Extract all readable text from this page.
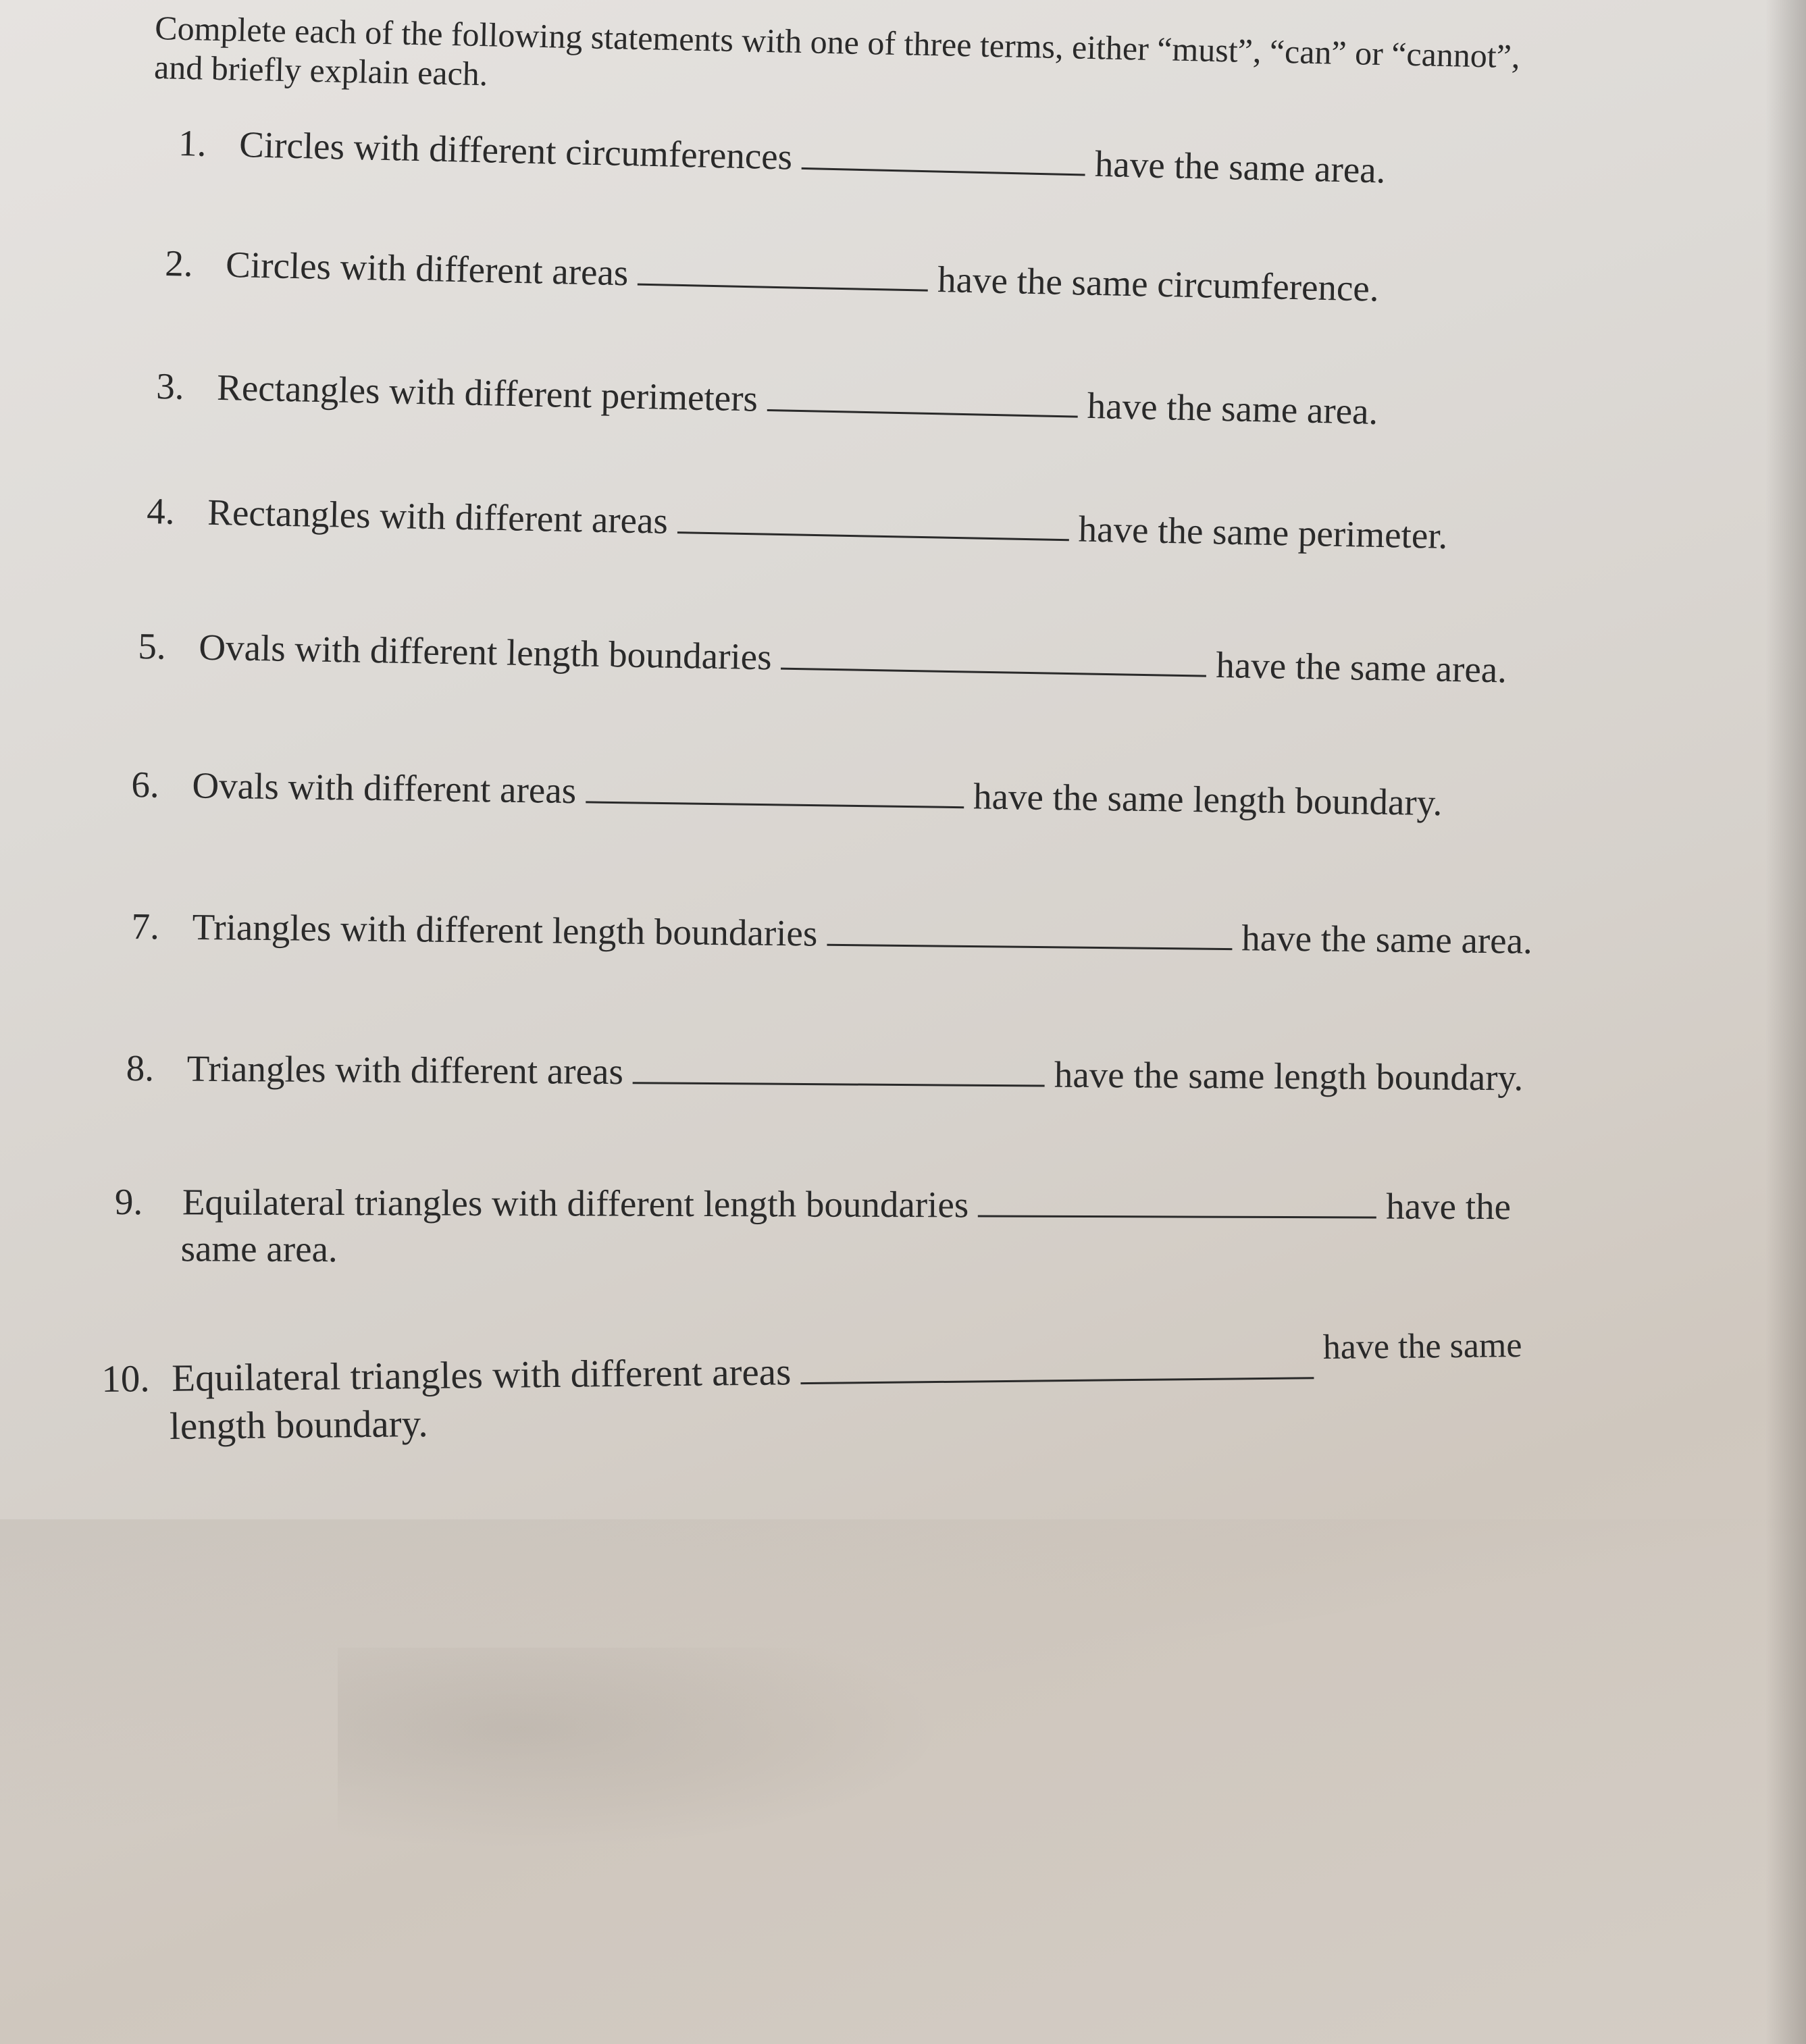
Complete each of the following statements with one of three terms, either “must”, “can” or “cannot”, and briefly explain each.
1. Circles with different circumferences	have the same area.
2. Circles with different areas	have the same circumference.
3. Rectangles with different perimeters	have the same area.
4. Rectangles with different areas	have the same perimeter.
5. Ovals with different length boundaries	have the same area.
6. Ovals with different areas	have the same length boundary.
7. Triangles with different length boundaries	have the same area.
8. Triangles with different areas	have the same length boundary.
9.	Equilateral triangles with different length boundaries	have the
same area.
10. Equilateral triangles with different areas
have the same
length boundary.
